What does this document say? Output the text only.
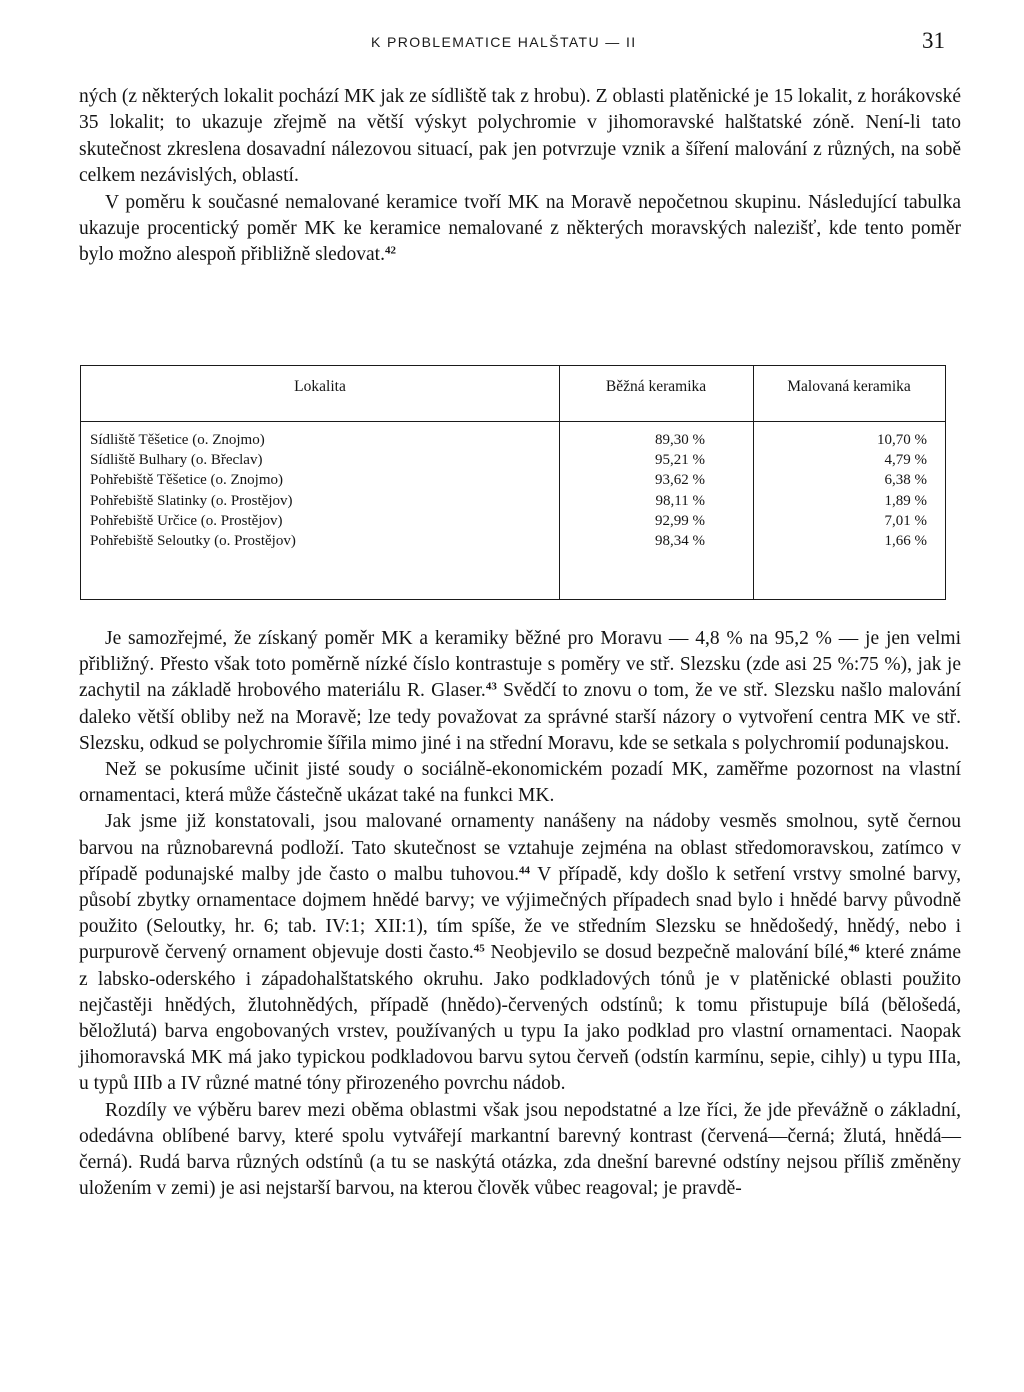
K PROBLEMATICE HALŠTATU — II	31

ných (z některých lokalit pochází MK jak ze sídliště tak z hrobu). Z oblasti platěnické je 15 lokalit, z horákovské 35 lokalit; to ukazuje zřejmě na větší výskyt polychromie v jihomoravské halštatské zóně. Není-li tato skutečnost zkreslena dosavadní nálezovou situací, pak jen potvrzuje vznik a šíření malování z různých, na sobě celkem nezávislých, oblastí.

V poměru k současné nemalované keramice tvoří MK na Moravě nepočetnou skupinu. Následující tabulka ukazuje procentický poměr MK ke keramice nemalované z některých moravských nalezišť, kde tento poměr bylo možno alespoň přibližně sledovat.$^{42}$

Lokalita	Běžná keramika	Malovaná keramika
Sídliště Těšetice (o. Znojmo)	89,30 %	10,70 %
Sídliště Bulhary (o. Břeclav)	95,21 %	4,79 %
Pohřebiště Těšetice (o. Znojmo)	93,62 %	6,38 %
Pohřebiště Slatinky (o. Prostějov)	98,11 %	1,89 %
Pohřebiště Určice (o. Prostějov)	92,99 %	7,01 %
Pohřebiště Seloutky (o. Prostějov)	98,34 %	1,66 %

Je samozřejmé, že získaný poměr MK a keramiky běžné pro Moravu — 4,8 % na 95,2 % — je jen velmi přibližný. Přesto však toto poměrně nízké číslo kontrastuje s poměry ve stř. Slezsku (zde asi 25 %:75 %), jak je zachytil na základě hrobového materiálu R. Glaser.$^{43}$ Svědčí to znovu o tom, že ve stř. Slezsku našlo malování daleko větší obliby než na Moravě; lze tedy považovat za správné starší názory o vytvoření centra MK ve stř. Slezsku, odkud se polychromie šířila mimo jiné i na střední Moravu, kde se setkala s polychromií podunajskou.

Než se pokusíme učinit jisté soudy o sociálně-ekonomickém pozadí MK, zaměřme pozornost na vlastní ornamentaci, která může částečně ukázat také na funkci MK.

Jak jsme již konstatovali, jsou malované ornamenty nanášeny na nádoby vesměs smolnou, sytě černou barvou na různobarevná podloží. Tato skutečnost se vztahuje zejména na oblast středomoravskou, zatímco v případě podunajské malby jde často o malbu tuhovou.$^{44}$ V případě, kdy došlo k setření vrstvy smolné barvy, působí zbytky ornamentace dojmem hnědé barvy; ve výjimečných případech snad bylo i hnědé barvy původně použito (Seloutky, hr. 6; tab. IV:1; XII:1), tím spíše, že ve středním Slezsku se hnědošedý, hnědý, nebo i purpurově červený ornament objevuje dosti často.$^{45}$ Neobjevilo se dosud bezpečně malování bílé,$^{46}$ které známe z labsko-oderského i západohalštatského okruhu. Jako podkladových tónů je v platěnické oblasti použito nejčastěji hnědých, žlutohnědých, případě (hnědo)-červených odstínů; k tomu přistupuje bílá (bělošedá, běložlutá) barva engobovaných vrstev, používaných u typu Ia jako podklad pro vlastní ornamentaci. Naopak jihomoravská MK má jako typickou podkladovou barvu sytou červeň (odstín karmínu, sepie, cihly) u typu IIIa, u typů IIIb a IV různé matné tóny přirozeného povrchu nádob.

Rozdíly ve výběru barev mezi oběma oblastmi však jsou nepodstatné a lze říci, že jde převážně o základní, odedávna oblíbené barvy, které spolu vytvářejí markantní barevný kontrast (červená—černá; žlutá, hnědá—černá). Rudá barva různých odstínů (a tu se naskýtá otázka, zda dnešní barevné odstíny nejsou příliš změněny uložením v zemi) je asi nejstarší barvou, na kterou člověk vůbec reagoval; je pravdě-
